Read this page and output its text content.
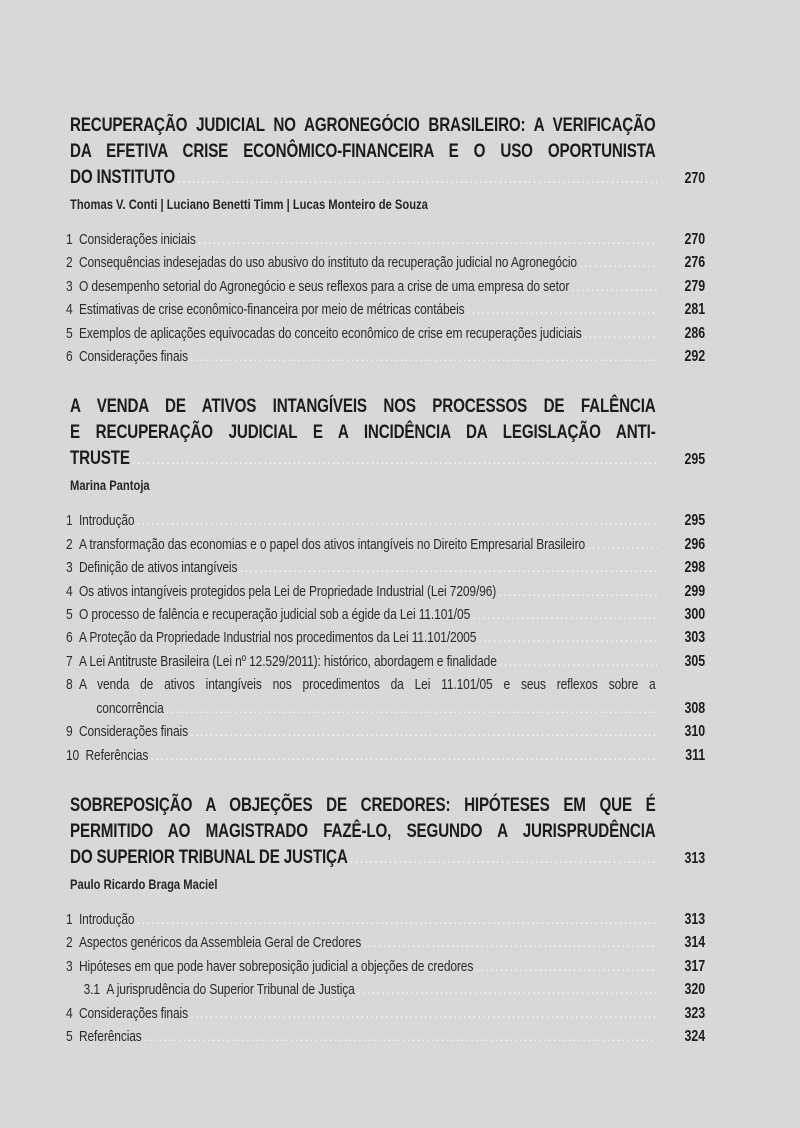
RECUPERAÇÃO JUDICIAL NO AGRONEGÓCIO BRASILEIRO: A VERIFICAÇÃO
DA EFETIVA CRISE ECONÔMICO-FINANCEIRA E O USO OPORTUNISTA
DO INSTITUTO .....	270
Thomas V. Conti | Luciano Benetti Timm | Lucas Monteiro de Souza
1 Considerações iniciais .....	270
2 Consequências indesejadas do uso abusivo do instituto da recuperação judicial no Agronegócio .....	276
3 O desempenho setorial do Agronegócio e seus reflexos para a crise de uma empresa do setor .....	279
4 Estimativas de crise econômico-financeira por meio de métricas contábeis .....	281
5 Exemplos de aplicações equivocadas do conceito econômico de crise em recuperações judiciais .....	286
6 Considerações finais .....	292
A VENDA DE ATIVOS INTANGÍVEIS NOS PROCESSOS DE FALÊNCIA
E RECUPERAÇÃO JUDICIAL E A INCIDÊNCIA DA LEGISLAÇÃO ANTI-
TRUSTE .....	295
Marina Pantoja
1 Introdução .....	295
2 A transformação das economias e o papel dos ativos intangíveis no Direito Empresarial Brasileiro .....	296
3 Definição de ativos intangíveis .....	298
4 Os ativos intangíveis protegidos pela Lei de Propriedade Industrial (Lei 7209/96) .....	299
5 O processo de falência e recuperação judicial sob a égide da Lei 11.101/05 .....	300
6 A Proteção da Propriedade Industrial nos procedimentos da Lei 11.101/2005 .....	303
7 A Lei Antitruste Brasileira (Lei nº 12.529/2011): histórico, abordagem e finalidade .....	305
8 A venda de ativos intangíveis nos procedimentos da Lei 11.101/05 e seus reflexos sobre a
concorrência .....	308
9 Considerações finais .....	310
10 Referências .....	311
SOBREPOSIÇÃO A OBJEÇÕES DE CREDORES: HIPÓTESES EM QUE É
PERMITIDO AO MAGISTRADO FAZÊ-LO, SEGUNDO A JURISPRUDÊNCIA
DO SUPERIOR TRIBUNAL DE JUSTIÇA .....	313
Paulo Ricardo Braga Maciel
1 Introdução .....	313
2 Aspectos genéricos da Assembleia Geral de Credores .....	314
3 Hipóteses em que pode haver sobreposição judicial a objeções de credores .....	317
3.1 A jurisprudência do Superior Tribunal de Justiça .....	320
4 Considerações finais .....	323
5 Referências .....	324
